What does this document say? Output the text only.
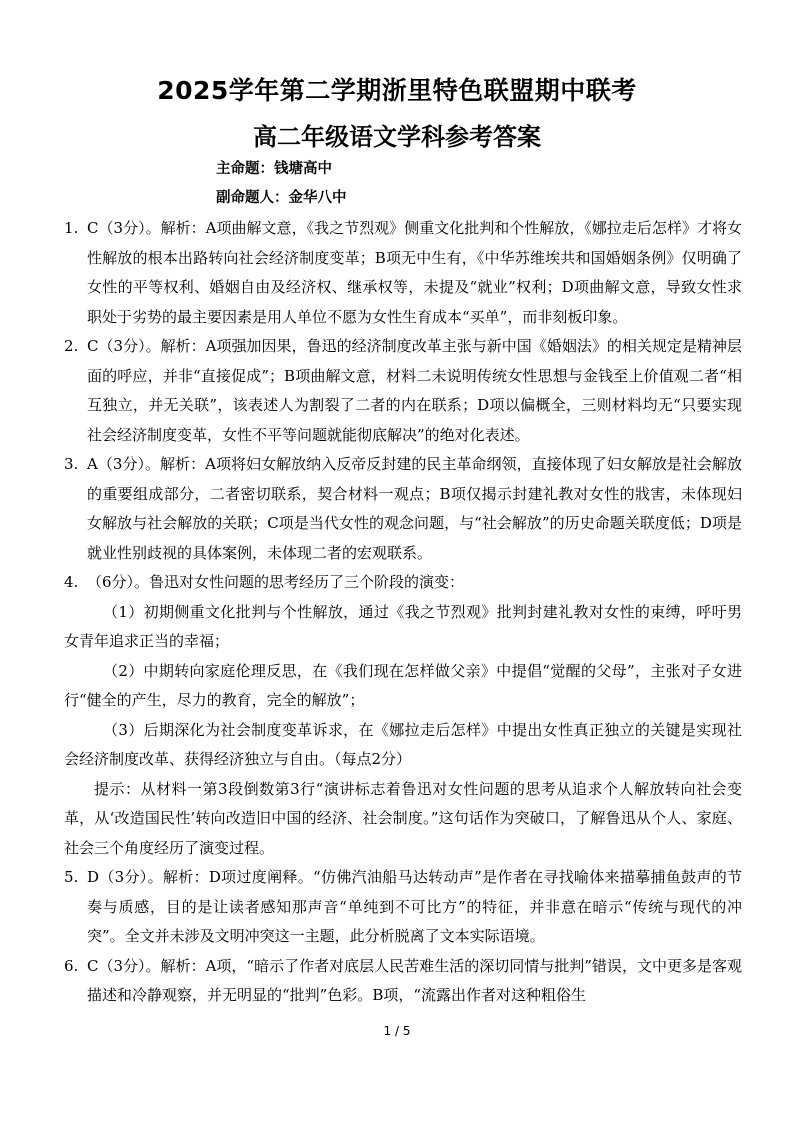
2025学年第二学期浙里特色联盟期中联考
高二年级语文学科参考答案
主命题：钱塘高中
副命题人：金华八中
1. C（3分）。解析：A项曲解文意，《我之节烈观》侧重文化批判和个性解放，《娜拉走后怎样》才将女性解放的根本出路转向社会经济制度变革；B项无中生有，《中华苏维埃共和国婚姻条例》仅明确了女性的平等权利、婚姻自由及经济权、继承权等，未提及“就业”权利；D项曲解文意，导致女性求职处于劣势的最主要因素是用人单位不愿为女性生育成本“买单”，而非刻板印象。
2. C（3分）。解析：A项强加因果，鲁迅的经济制度改革主张与新中国《婚姻法》的相关规定是精神层面的呼应，并非“直接促成”；B项曲解文意，材料二未说明传统女性思想与金钱至上价值观二者“相互独立，并无关联”，该表述人为割裂了二者的内在联系；D项以偏概全，三则材料均无“只要实现社会经济制度变革，女性不平等问题就能彻底解决”的绝对化表述。
3. A（3分）。解析：A项将妇女解放纳入反帝反封建的民主革命纲领，直接体现了妇女解放是社会解放的重要组成部分，二者密切联系，契合材料一观点；B项仅揭示封建礼教对女性的戕害，未体现妇女解放与社会解放的关联；C项是当代女性的观念问题，与“社会解放”的历史命题关联度低；D项是就业性别歧视的具体案例，未体现二者的宏观联系。
4. （6分）。鲁迅对女性问题的思考经历了三个阶段的演变：
（1）初期侧重文化批判与个性解放，通过《我之节烈观》批判封建礼教对女性的束缚，呼吁男女青年追求正当的幸福；
（2）中期转向家庭伦理反思，在《我们现在怎样做父亲》中提倡“觉醒的父母”，主张对子女进行“健全的产生，尽力的教育，完全的解放”；
（3）后期深化为社会制度变革诉求，在《娜拉走后怎样》中提出女性真正独立的关键是实现社会经济制度改革、获得经济独立与自由。（每点2分）
提示：从材料一第3段倒数第3行“演讲标志着鲁迅对女性问题的思考从追求个人解放转向社会变革，从‘改造国民性’转向改造旧中国的经济、社会制度。”这句话作为突破口，了解鲁迅从个人、家庭、社会三个角度经历了演变过程。
5. D（3分）。解析：D项过度阐释。“仿佛汽油船马达转动声”是作者在寻找喻体来描摹捕鱼鼓声的节奏与质感，目的是让读者感知那声音“单纯到不可比方”的特征，并非意在暗示“传统与现代的冲突”。全文并未涉及文明冲突这一主题，此分析脱离了文本实际语境。
6. C（3分）。解析：A项，“暗示了作者对底层人民苦难生活的深切同情与批判”错误，文中更多是客观描述和冷静观察，并无明显的“批判”色彩。B项，“流露出作者对这种粗俗生
1 / 5
